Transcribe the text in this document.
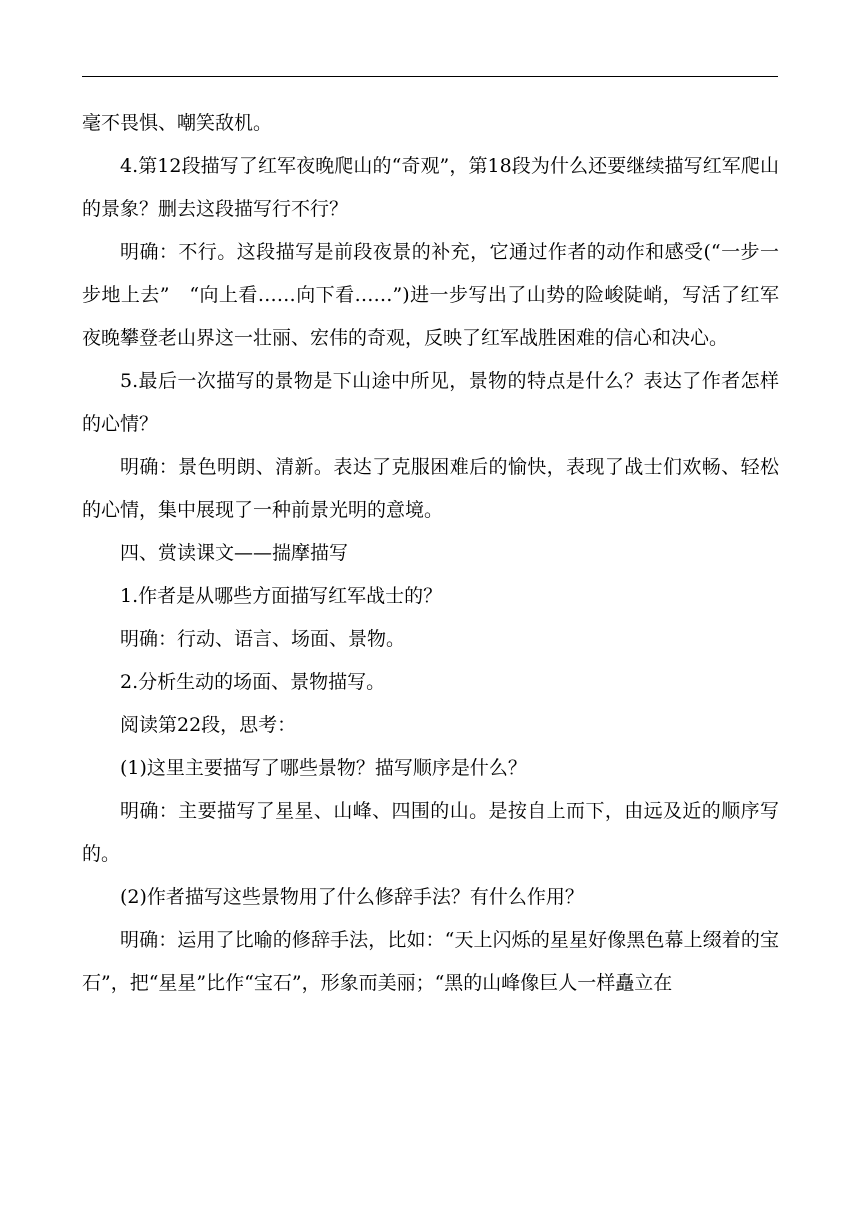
毫不畏惧、嘲笑敌机。

4.第12段描写了红军夜晚爬山的“奇观”，第18段为什么还要继续描写红军爬山的景象？删去这段描写行不行？

明确：不行。这段描写是前段夜景的补充，它通过作者的动作和感受(“一步一步地上去”　“向上看……向下看……”)进一步写出了山势的险峻陡峭，写活了红军夜晚攀登老山界这一壮丽、宏伟的奇观，反映了红军战胜困难的信心和决心。

5.最后一次描写的景物是下山途中所见，景物的特点是什么？表达了作者怎样的心情？

明确：景色明朗、清新。表达了克服困难后的愉快，表现了战士们欢畅、轻松的心情，集中展现了一种前景光明的意境。

四、赏读课文——揣摩描写

1.作者是从哪些方面描写红军战士的？

明确：行动、语言、场面、景物。

2.分析生动的场面、景物描写。

阅读第22段，思考：

(1)这里主要描写了哪些景物？描写顺序是什么？

明确：主要描写了星星、山峰、四围的山。是按自上而下，由远及近的顺序写的。

(2)作者描写这些景物用了什么修辞手法？有什么作用？

明确：运用了比喻的修辞手法，比如：“天上闪烁的星星好像黑色幕上缀着的宝石”，把“星星”比作“宝石”，形象而美丽；“黑的山峰像巨人一样矗立在
